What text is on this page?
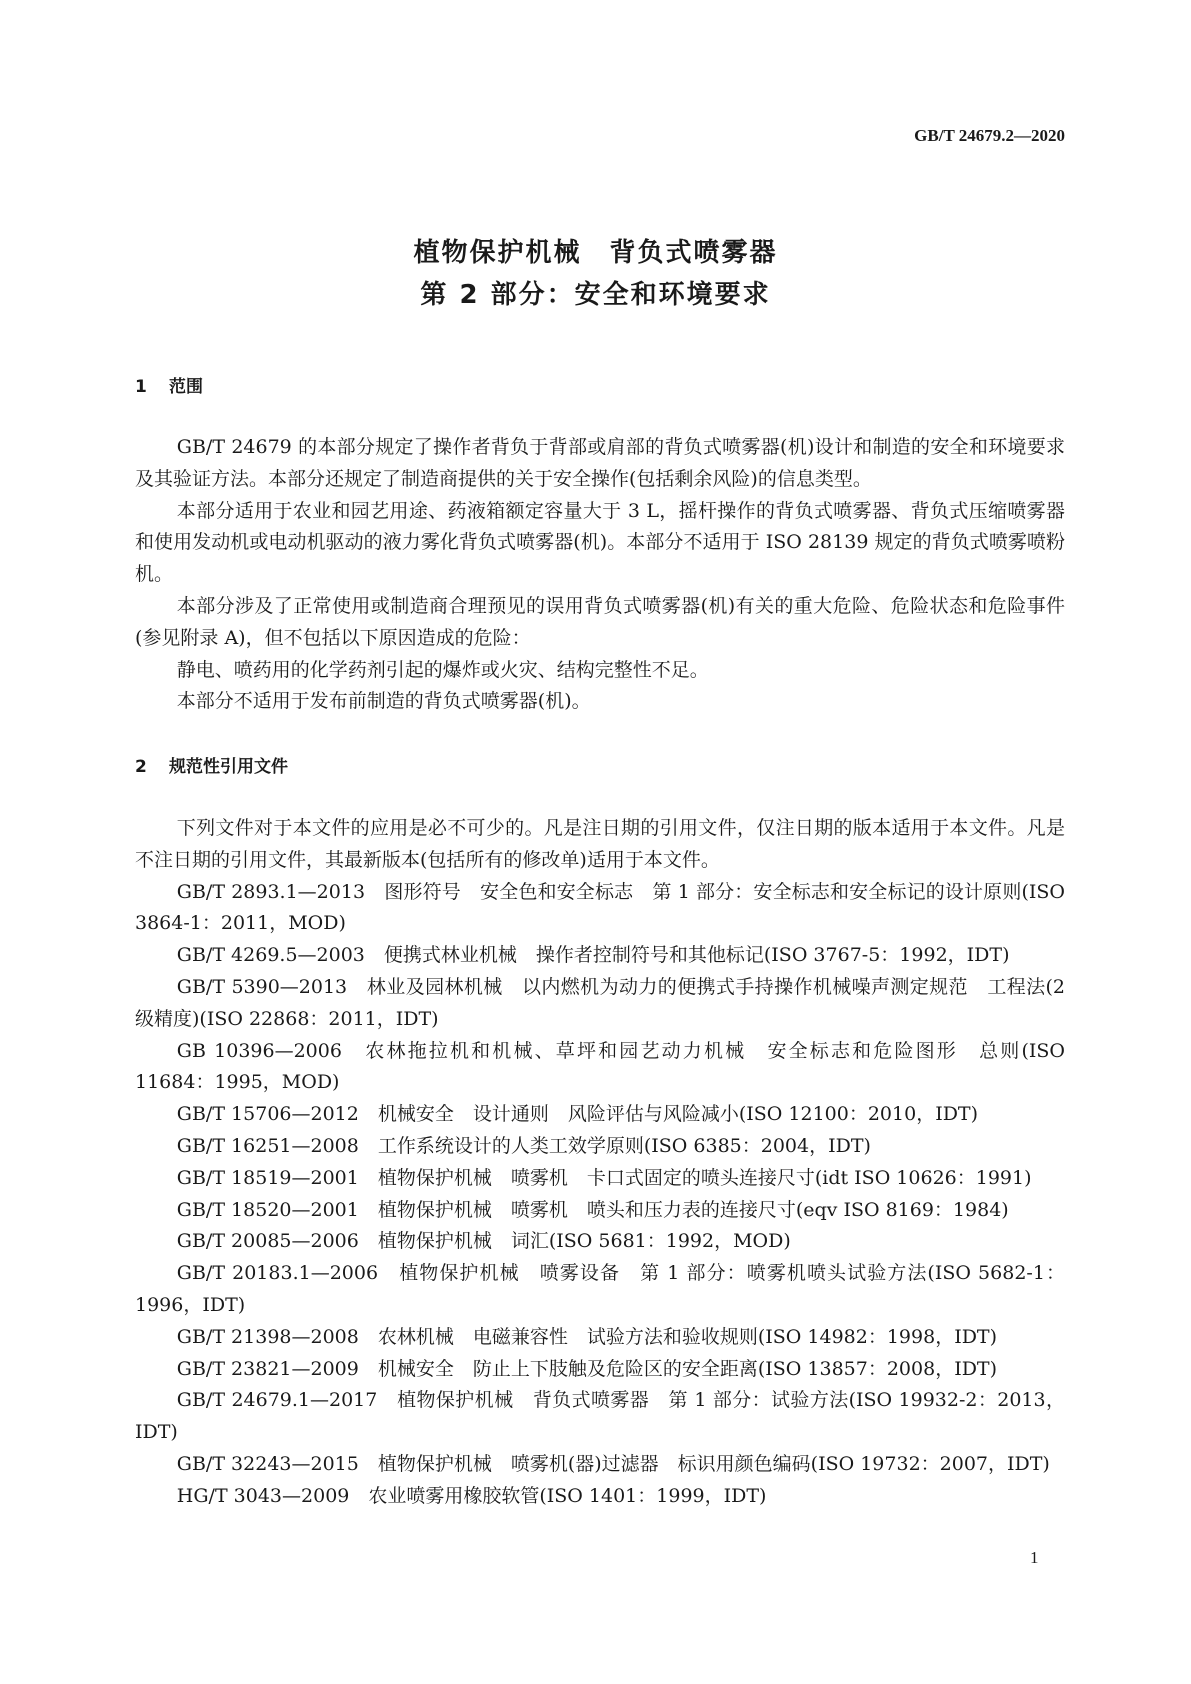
GB/T 24679.2—2020
植物保护机械　背负式喷雾器
第 2 部分：安全和环境要求
1 范围

GB/T 24679 的本部分规定了操作者背负于背部或肩部的背负式喷雾器(机)设计和制造的安全和环境要求及其验证方法。本部分还规定了制造商提供的关于安全操作(包括剩余风险)的信息类型。

本部分适用于农业和园艺用途、药液箱额定容量大于 3 L，摇杆操作的背负式喷雾器、背负式压缩喷雾器和使用发动机或电动机驱动的液力雾化背负式喷雾器(机)。本部分不适用于 ISO 28139 规定的背负式喷雾喷粉机。

本部分涉及了正常使用或制造商合理预见的误用背负式喷雾器(机)有关的重大危险、危险状态和危险事件(参见附录 A)，但不包括以下原因造成的危险：

静电、喷药用的化学药剂引起的爆炸或火灾、结构完整性不足。

本部分不适用于发布前制造的背负式喷雾器(机)。

2 规范性引用文件

下列文件对于本文件的应用是必不可少的。凡是注日期的引用文件，仅注日期的版本适用于本文件。凡是不注日期的引用文件，其最新版本(包括所有的修改单)适用于本文件。

GB/T 2893.1—2013　图形符号　安全色和安全标志　第 1 部分：安全标志和安全标记的设计原则(ISO 3864-1：2011，MOD)

GB/T 4269.5—2003　便携式林业机械　操作者控制符号和其他标记(ISO 3767-5：1992，IDT)

GB/T 5390—2013　林业及园林机械　以内燃机为动力的便携式手持操作机械噪声测定规范　工程法(2 级精度)(ISO 22868：2011，IDT)

GB 10396—2006　农林拖拉机和机械、草坪和园艺动力机械　安全标志和危险图形　总则(ISO 11684：1995，MOD)

GB/T 15706—2012　机械安全　设计通则　风险评估与风险减小(ISO 12100：2010，IDT)

GB/T 16251—2008　工作系统设计的人类工效学原则(ISO 6385：2004，IDT)

GB/T 18519—2001　植物保护机械　喷雾机　卡口式固定的喷头连接尺寸(idt ISO 10626：1991)

GB/T 18520—2001　植物保护机械　喷雾机　喷头和压力表的连接尺寸(eqv ISO 8169：1984)

GB/T 20085—2006　植物保护机械　词汇(ISO 5681：1992，MOD)

GB/T 20183.1—2006　植物保护机械　喷雾设备　第 1 部分：喷雾机喷头试验方法(ISO 5682-1：1996，IDT)

GB/T 21398—2008　农林机械　电磁兼容性　试验方法和验收规则(ISO 14982：1998，IDT)

GB/T 23821—2009　机械安全　防止上下肢触及危险区的安全距离(ISO 13857：2008，IDT)

GB/T 24679.1—2017　植物保护机械　背负式喷雾器　第 1 部分：试验方法(ISO 19932-2：2013，IDT)

GB/T 32243—2015　植物保护机械　喷雾机(器)过滤器　标识用颜色编码(ISO 19732：2007，IDT)

HG/T 3043—2009　农业喷雾用橡胶软管(ISO 1401：1999，IDT)

1
